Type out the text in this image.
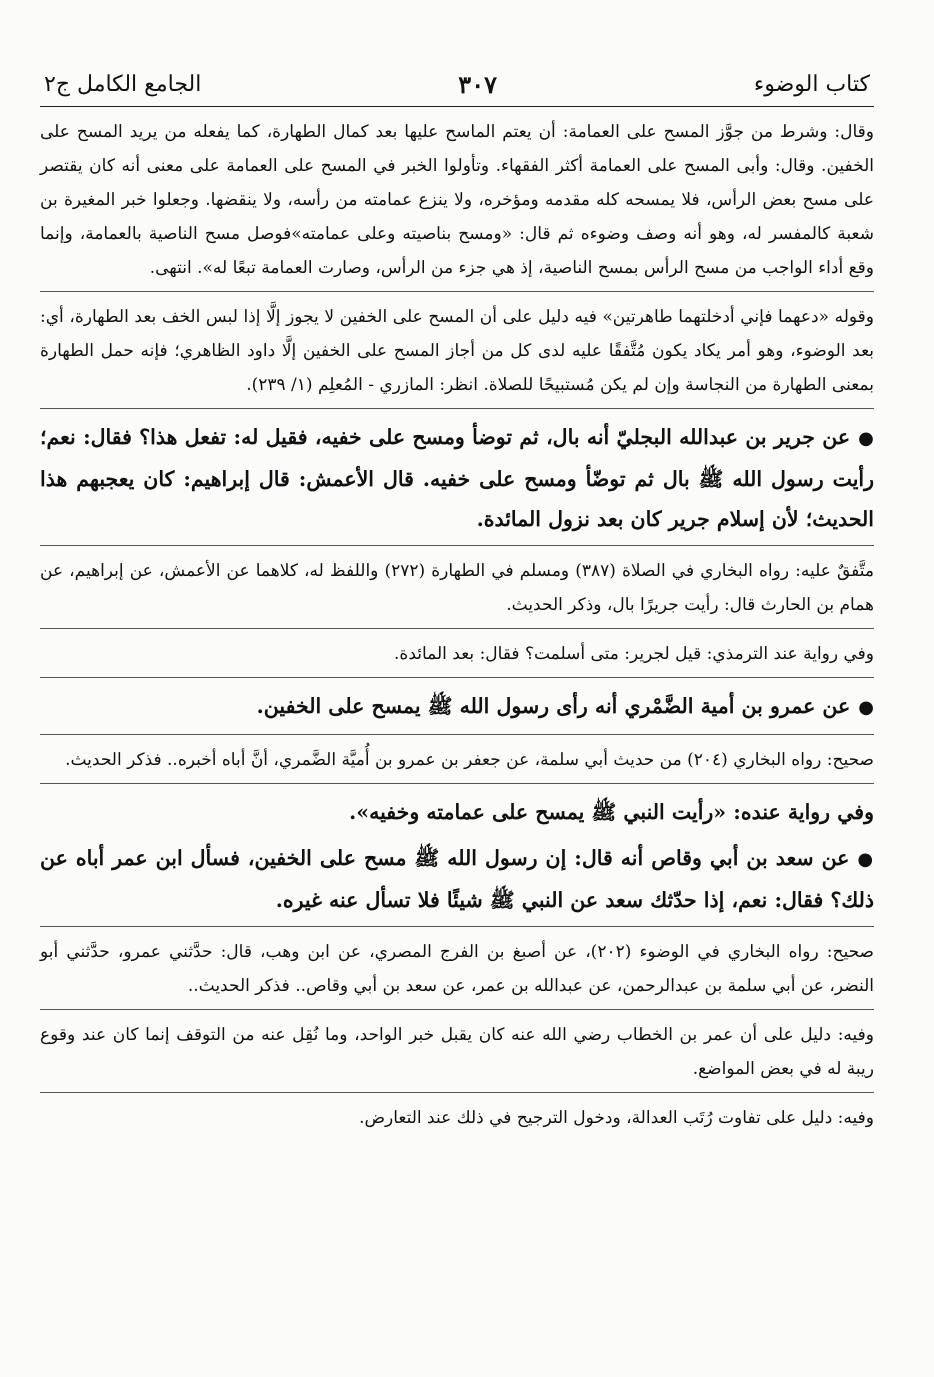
كتاب الوضوء
٣٠٧
الجامع الكامل ج٢

وقال: وشرط من جوَّز المسح على العمامة: أن يعتم الماسح عليها بعد كمال الطهارة، كما يفعله من يريد المسح على الخفين. وقال: وأبى المسح على العمامة أكثر الفقهاء. وتأولوا الخبر في المسح على العمامة على معنى أنه كان يقتصر على مسح بعض الرأس، فلا يمسحه كله مقدمه ومؤخره، ولا ينزع عمامته من رأسه، ولا ينقضها. وجعلوا خبر المغيرة بن شعبة كالمفسر له، وهو أنه وصف وضوءه ثم قال: «ومسح بناصيته وعلى عمامته»فوصل مسح الناصية بالعمامة، وإنما وقع أداء الواجب من مسح الرأس بمسح الناصية، إذ هي جزء من الرأس، وصارت العمامة تبعًا له». انتهى.

وقوله «دعهما فإني أدخلتهما طاهرتين» فيه دليل على أن المسح على الخفين لا يجوز إلَّا إذا لبس الخف بعد الطهارة، أي: بعد الوضوء، وهو أمر يكاد يكون مُتَّفقًا عليه لدى كل من أجاز المسح على الخفين إلَّا داود الظاهري؛ فإنه حمل الطهارة بمعنى الطهارة من النجاسة وإن لم يكن مُستبيحًا للصلاة. انظر: المازري - المُعلِم (١/ ٢٣٩).

●عن جرير بن عبدالله البجليّ أنه بال، ثم توضأ ومسح على خفيه، فقيل له: تفعل هذا؟ فقال: نعم؛ رأيت رسول الله ﷺ بال ثم توضّأ ومسح على خفيه. قال الأعمش: قال إبراهيم: كان يعجبهم هذا الحديث؛ لأن إسلام جرير كان بعد نزول المائدة.

متَّفقٌ عليه: رواه البخاري في الصلاة (٣٨٧) ومسلم في الطهارة (٢٧٢) واللفظ له، كلاهما عن الأعمش، عن إبراهيم، عن همام بن الحارث قال: رأيت جريرًا بال، وذكر الحديث.

وفي رواية عند الترمذي: قيل لجرير: متى أسلمت؟ فقال: بعد المائدة.

●عن عمرو بن أمية الضَّمْري أنه رأى رسول الله ﷺ يمسح على الخفين.

صحيح: رواه البخاري (٢٠٤) من حديث أبي سلمة، عن جعفر بن عمرو بن أُميَّة الضَّمري، أنَّ أباه أخبره.. فذكر الحديث.

وفي رواية عنده: «رأيت النبي ﷺ يمسح على عمامته وخفيه».

●عن سعد بن أبي وقاص أنه قال: إن رسول الله ﷺ مسح على الخفين، فسأل ابن عمر أباه عن ذلك؟ فقال: نعم، إذا حدّثك سعد عن النبي ﷺ شيئًا فلا تسأل عنه غيره.

صحيح: رواه البخاري في الوضوء (٢٠٢)، عن أصبغ بن الفرج المصري، عن ابن وهب، قال: حدَّثني عمرو، حدَّثني أبو النضر، عن أبي سلمة بن عبدالرحمن، عن عبدالله بن عمر، عن سعد بن أبي وقاص.. فذكر الحديث..

وفيه: دليل على أن عمر بن الخطاب رضي الله عنه كان يقبل خبر الواحد، وما نُقِل عنه من التوقف إنما كان عند وقوع ريبة له في بعض المواضع.

وفيه: دليل على تفاوت رُتَب العدالة، ودخول الترجيح في ذلك عند التعارض.
